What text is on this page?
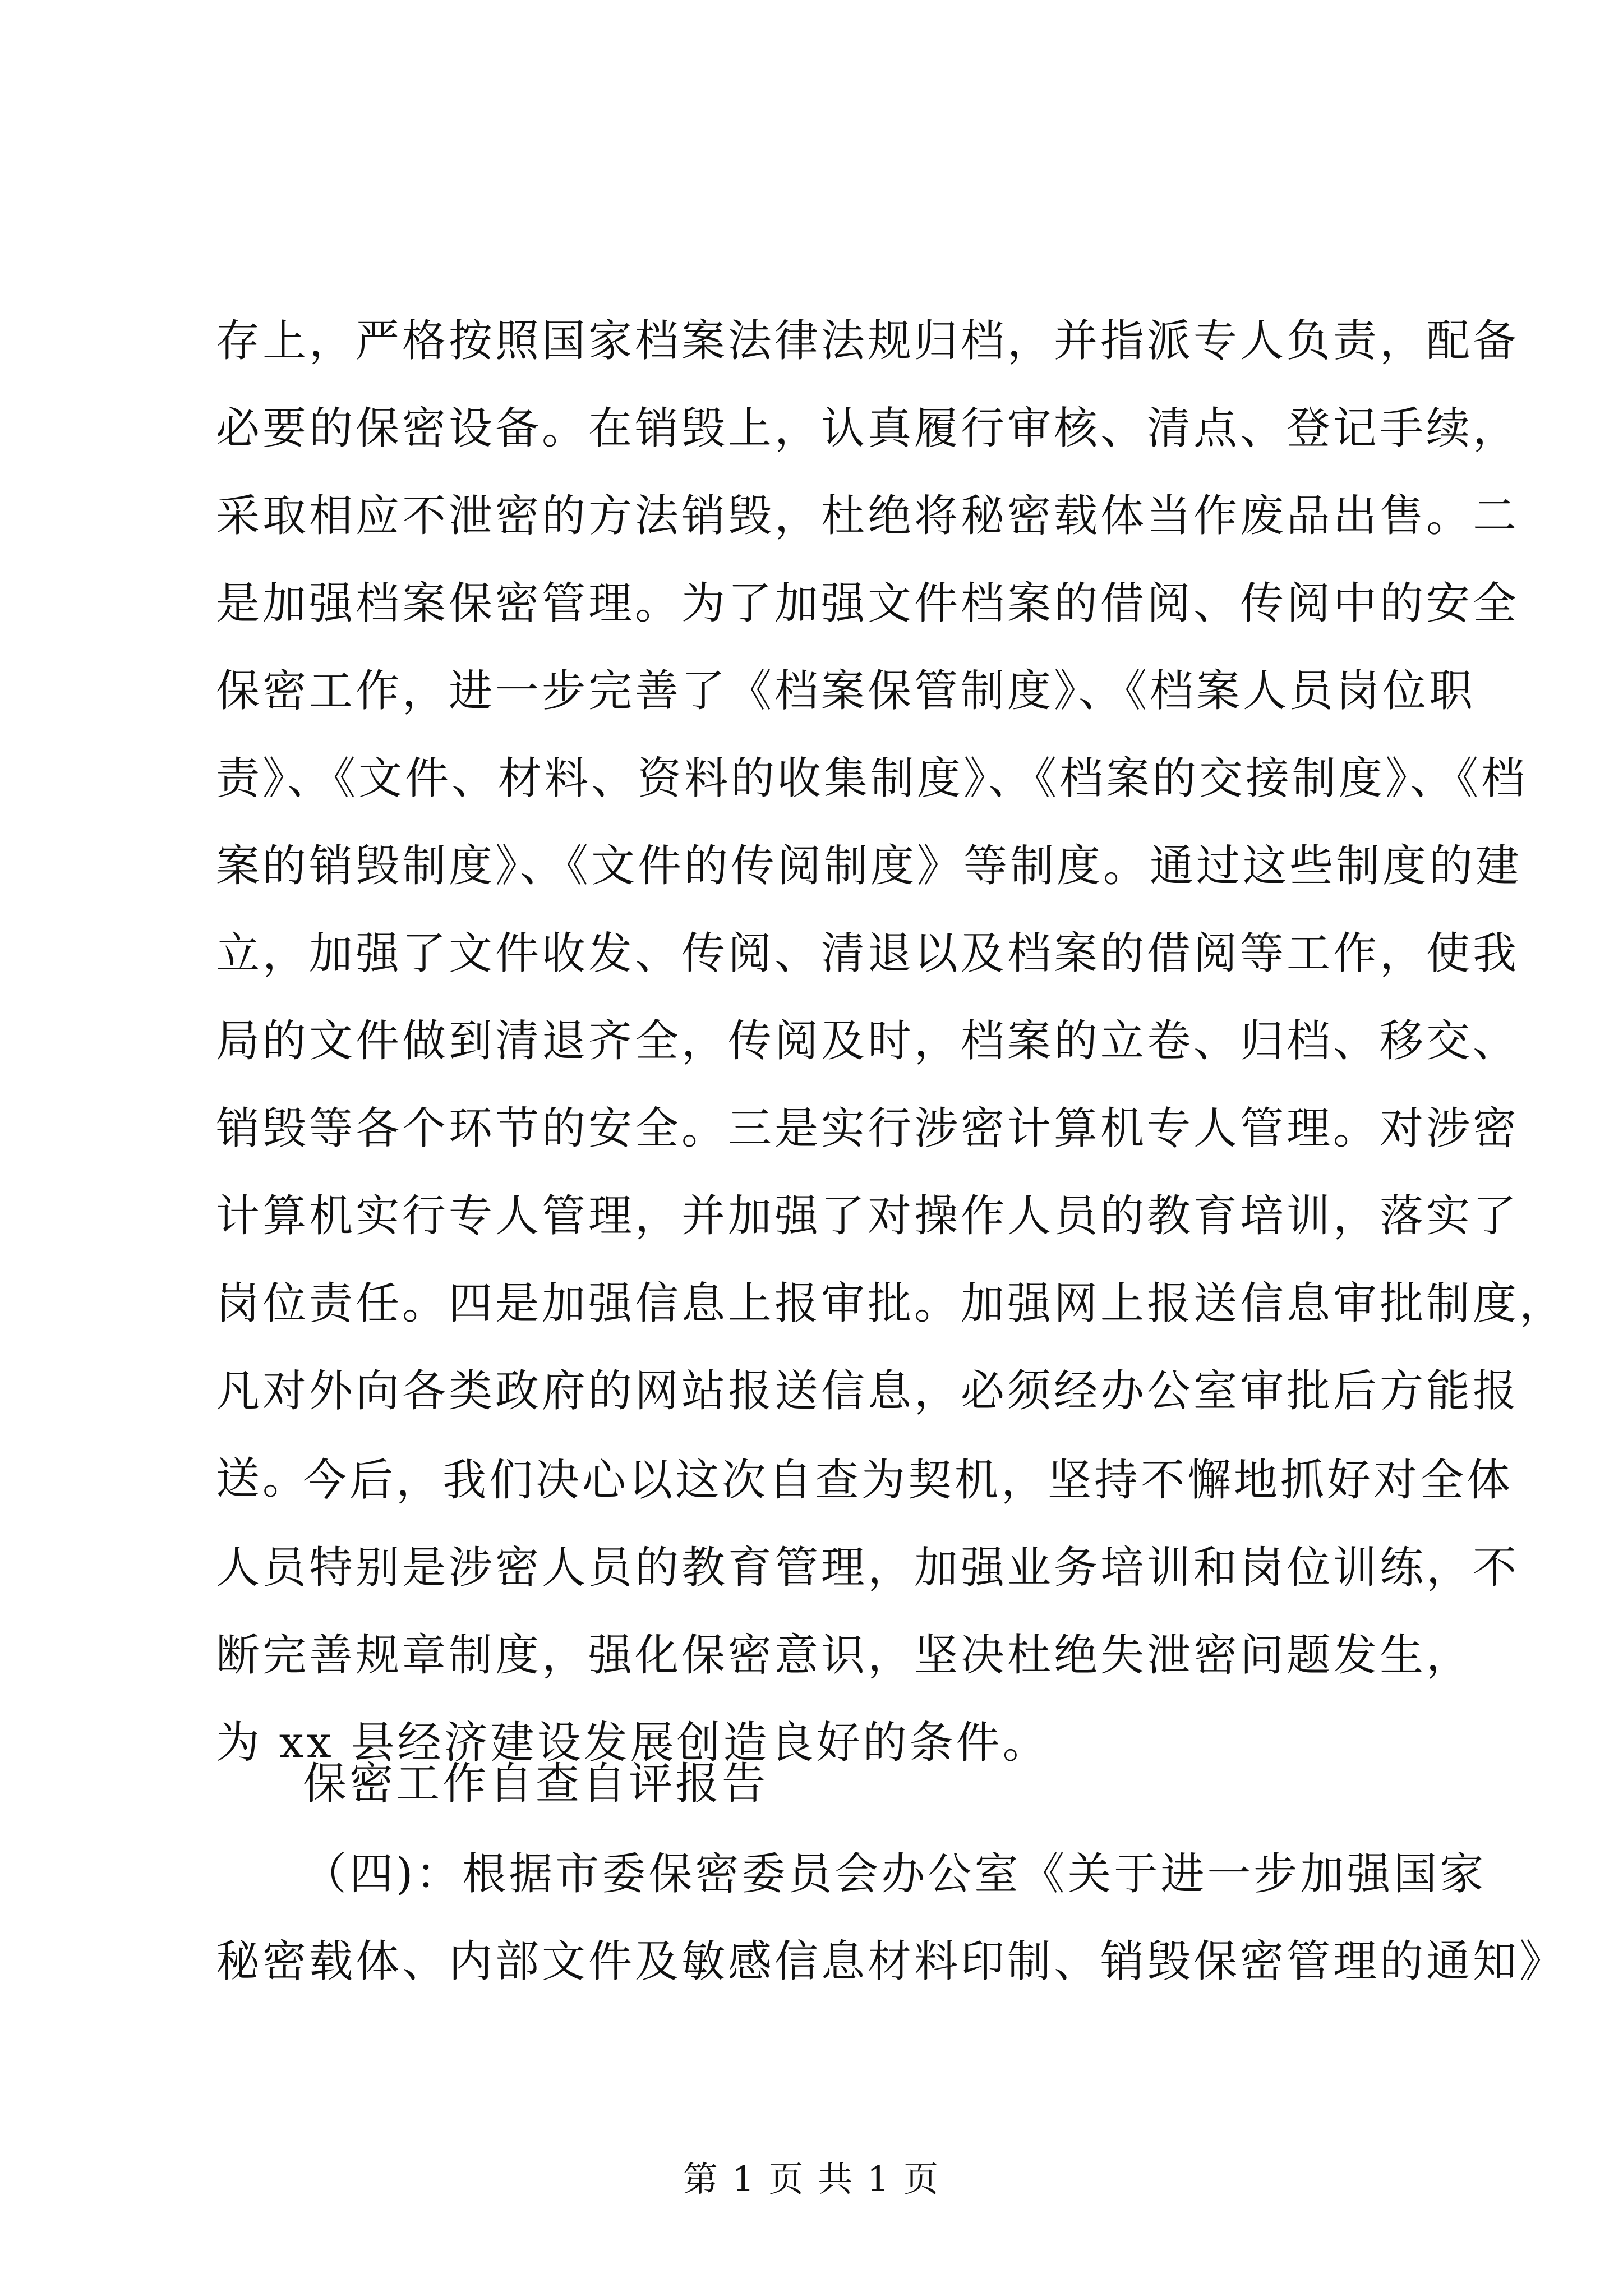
存上，严格按照国家档案法律法规归档，并指派专人负责，配备
必要的保密设备。在销毁上，认真履行审核、清点、登记手续，
采取相应不泄密的方法销毁，杜绝将秘密载体当作废品出售。二
是加强档案保密管理。为了加强文件档案的借阅、传阅中的安全
保密工作，进一步完善了《档案保管制度》、《档案人员岗位职
责》、《文件、材料、资料的收集制度》、《档案的交接制度》、《档
案的销毁制度》、《文件的传阅制度》等制度。通过这些制度的建
立，加强了文件收发、传阅、清退以及档案的借阅等工作，使我
局的文件做到清退齐全，传阅及时，档案的立卷、归档、移交、
销毁等各个环节的安全。三是实行涉密计算机专人管理。对涉密
计算机实行专人管理，并加强了对操作人员的教育培训，落实了
岗位责任。四是加强信息上报审批。加强网上报送信息审批制度，
凡对外向各类政府的网站报送信息，必须经办公室审批后方能报
送。
今后，我们决心以这次自查为契机，坚持不懈地抓好对全体
人员特别是涉密人员的教育管理，加强业务培训和岗位训练，不
断完善规章制度，强化保密意识，坚决杜绝失泄密问题发生，
为 xx 县经济建设发展创造良好的条件。
保密工作自查自评报告
（四)：根据市委保密委员会办公室《关于进一步加强国家
秘密载体、内部文件及敏感信息材料印制、销毁保密管理的通知》
第 1 页 共 1 页
